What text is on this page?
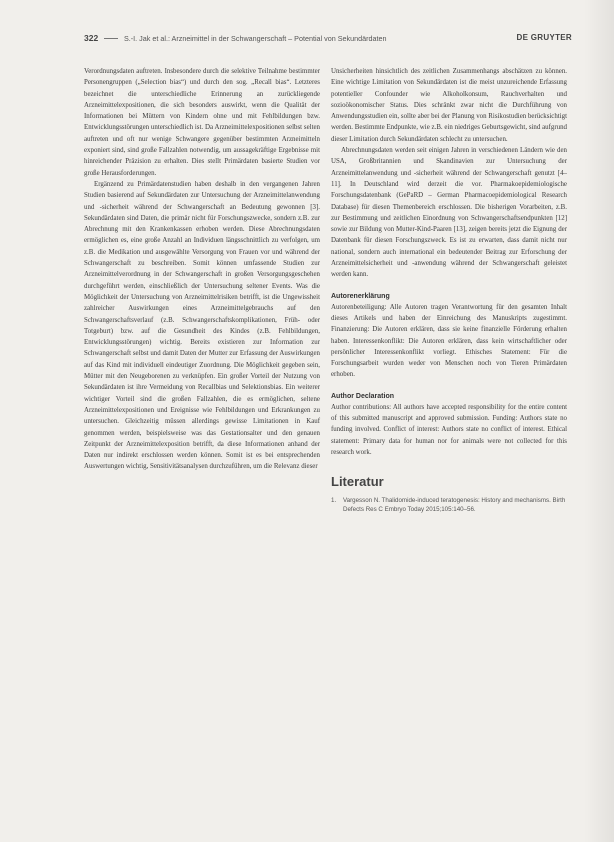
322	S.-I. Jak et al.: Arzneimittel in der Schwangerschaft – Potential von Sekundärdaten	DE GRUYTER

Verordnungsdaten auftreten. Insbesondere durch die selektive Teilnahme bestimmter Personengruppen („Selection bias“) und durch den sog. „Recall bias“. Letzteres bezeichnet die unterschiedliche Erinnerung an zurückliegende Arzneimittelexpositionen, die sich besonders auswirkt, wenn die Qualität der Informationen bei Müttern von Kindern ohne und mit Fehlbildungen bzw. Entwicklungsstörungen unterschiedlich ist. Da Arzneimittelexpositionen selbst selten auftreten und oft nur wenige Schwangere gegenüber bestimmten Arzneimitteln exponiert sind, sind große Fallzahlen notwendig, um aussagekräftige Ergebnisse mit hinreichender Präzision zu erhalten. Dies stellt Primärdaten basierte Studien vor große Herausforderungen.

Ergänzend zu Primärdatenstudien haben deshalb in den vergangenen Jahren Studien basierend auf Sekundärdaten zur Untersuchung der Arzneimittelanwendung und -sicherheit während der Schwangerschaft an Bedeutung gewonnen [3]. Sekundärdaten sind Daten, die primär nicht für Forschungszwecke, sondern z.B. zur Abrechnung mit den Krankenkassen erhoben werden. Diese Abrechnungsdaten ermöglichen es, eine große Anzahl an Individuen längsschnittlich zu verfolgen, um z.B. die Medikation und ausgewählte Versorgung von Frauen vor und während der Schwangerschaft zu beschreiben. Somit können umfassende Studien zur Arzneimittelverordnung in der Schwangerschaft in großen Versorgungsgeschehen durchgeführt werden, einschließlich der Untersuchung seltener Events. Was die Möglichkeit der Untersuchung von Arzneimittelrisiken betrifft, ist die Ungewissheit zahlreicher Auswirkungen eines Arzneimittelgebrauchs auf den Schwangerschaftsverlauf (z.B. Schwangerschaftskomplikationen, Früh- oder Totgeburt) bzw. auf die Gesundheit des Kindes (z.B. Fehlbildungen, Entwicklungsstörungen) wichtig. Bereits existieren zur Information zur Schwangerschaft selbst und damit Daten der Mutter zur Erfassung der Auswirkungen auf das Kind mit individuell eindeutiger Zuordnung. Die Möglichkeit gegeben sein, Mütter mit den Neugeborenen zu verknüpfen. Ein großer Vorteil der Nutzung von Sekundärdaten ist ihre Vermeidung von Recallbias und Selektionsbias. Ein weiterer wichtiger Vorteil sind die großen Fallzahlen, die es ermöglichen, seltene Arzneimittelexpositionen und Ereignisse wie Fehlbildungen und Erkrankungen zu untersuchen. Gleichzeitig müssen allerdings gewisse Limitationen in Kauf genommen werden, beispielsweise was das Gestationsalter und den genauen Zeitpunkt der Arzneimittelexposition betrifft, da diese Informationen anhand der Daten nur indirekt erschlossen werden können. Somit ist es bei entsprechenden Auswertungen wichtig, Sensitivitätsanalysen durchzuführen, um die Relevanz dieser

Unsicherheiten hinsichtlich des zeitlichen Zusammenhangs abschätzen zu können. Eine wichtige Limitation von Sekundärdaten ist die meist unzureichende Erfassung potentieller Confounder wie Alkoholkonsum, Rauchverhalten und sozioökonomischer Status. Dies schränkt zwar nicht die Durchführung von Anwendungsstudien ein, sollte aber bei der Planung von Risikostudien berücksichtigt werden. Bestimmte Endpunkte, wie z.B. ein niedriges Geburtsgewicht, sind aufgrund dieser Limitation durch Sekundärdaten schlecht zu untersuchen.

Abrechnungsdaten werden seit einigen Jahren in verschiedenen Ländern wie den USA, Großbritannien und Skandinavien zur Untersuchung der Arzneimittelanwendung und -sicherheit während der Schwangerschaft genutzt [4–11]. In Deutschland wird derzeit die vor. Pharmakoepidemiologische Forschungsdatenbank (GePaRD – German Pharmacoepidemiological Research Database) für diesen Themenbereich erschlossen. Die bisherigen Vorarbeiten, z.B. zur Bestimmung und zeitlichen Einordnung von Schwangerschaftsendpunkten [12] sowie zur Bildung von Mutter-Kind-Paaren [13], zeigen bereits jetzt die Eignung der Datenbank für diesen Forschungszweck. Es ist zu erwarten, dass damit nicht nur national, sondern auch international ein bedeutender Beitrag zur Erforschung der Arzneimittelsicherheit und -anwendung während der Schwangerschaft geleistet werden kann.

Autorenerklärung

Autorenbeteiligung: Alle Autoren tragen Verantwortung für den gesamten Inhalt dieses Artikels und haben der Einreichung des Manuskripts zugestimmt. Finanzierung: Die Autoren erklären, dass sie keine finanzielle Förderung erhalten haben. Interessenkonflikt: Die Autoren erklären, dass kein wirtschaftlicher oder persönlicher Interessenkonflikt vorliegt. Ethisches Statement: Für die Forschungsarbeit wurden weder von Menschen noch von Tieren Primärdaten erhoben.

Author Declaration

Author contributions: All authors have accepted responsibility for the entire content of this submitted manuscript and approved submission. Funding: Authors state no funding involved. Conflict of interest: Authors state no conflict of interest. Ethical statement: Primary data for human nor for animals were not collected for this research work.

Literatur
1. Vargesson N. Thalidomide-induced teratogenesis: History and mechanisms. Birth Defects Res C Embryo Today 2015;105:140–56.
